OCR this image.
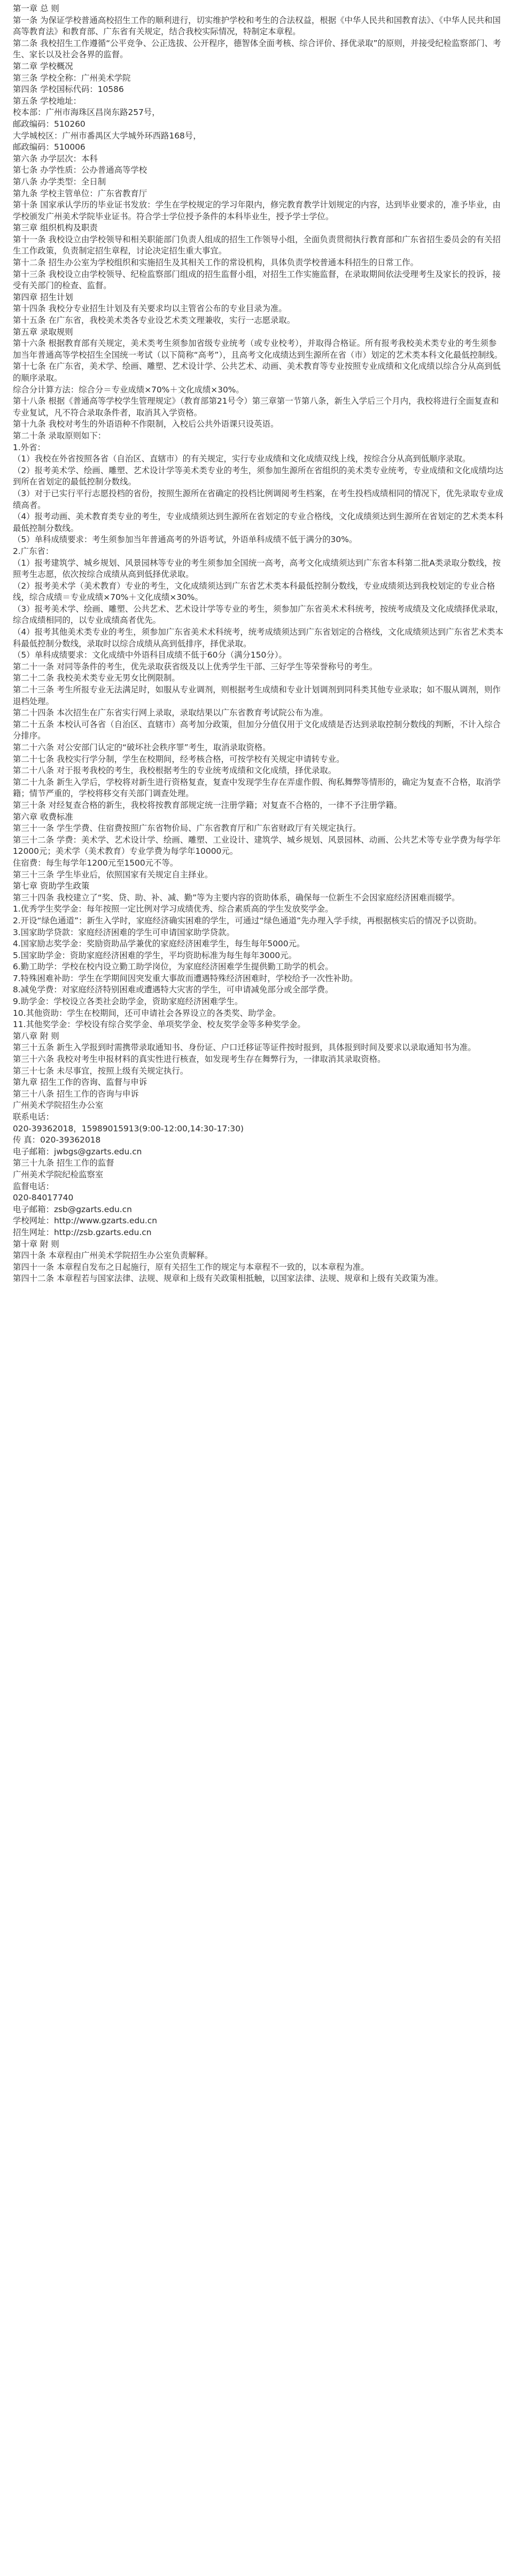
第一章 总 则

第一条 为保证学校普通高校招生工作的顺利进行，切实维护学校和考生的合法权益，根据《中华人民共和国教育法》、《中华人民共和国高等教育法》和教育部、广东省有关规定，结合我校实际情况，特制定本章程。

第二条 我校招生工作遵循“公平竞争、公正选拔、公开程序，德智体全面考核、综合评价、择优录取”的原则，并接受纪检监察部门、考生、家长以及社会各界的监督。

第二章 学校概况

第三条 学校全称：广州美术学院

第四条 学校国标代码：10586

第五条 学校地址：

校本部：广州市海珠区昌岗东路257号，

邮政编码：510260

大学城校区：广州市番禺区大学城外环西路168号，

邮政编码：510006

第六条 办学层次：本科

第七条 办学性质：公办普通高等学校

第八条 办学类型：全日制

第九条 学校主管单位：广东省教育厅

第十条 国家承认学历的毕业证书发放：学生在学校规定的学习年限内，修完教育教学计划规定的内容，达到毕业要求的，准予毕业，由学校颁发广州美术学院毕业证书。符合学士学位授予条件的本科毕业生，授予学士学位。

第三章 组织机构及职责

第十一条 我校设立由学校领导和相关职能部门负责人组成的招生工作领导小组，全面负责贯彻执行教育部和广东省招生委员会的有关招生工作政策，负责制定招生章程，讨论决定招生重大事宜。

第十二条 招生办公室为学校组织和实施招生及其相关工作的常设机构，具体负责学校普通本科招生的日常工作。

第十三条 我校设立由学校领导、纪检监察部门组成的招生监督小组，对招生工作实施监督，在录取期间依法受理考生及家长的投诉，接受有关部门的检查、监督。

第四章 招生计划

第十四条 我校分专业招生计划及有关要求均以主管省公布的专业目录为准。

第十五条 在广东省，我校美术类各专业设艺术类文理兼收，实行一志愿录取。

第五章 录取规则

第十六条 根据教育部有关规定，美术类考生须参加省级专业统考（或专业校考），并取得合格证。所有报考我校美术类专业的考生须参加当年普通高等学校招生全国统一考试（以下简称“高考”），且高考文化成绩达到生源所在省（市）划定的艺术类本科文化最低控制线。

第十七条 在广东省，美术学、绘画、雕塑、艺术设计学、公共艺术、动画、美术教育等专业按照专业成绩和文化成绩以综合分从高到低的顺序录取。

综合分计算方法：综合分＝专业成绩×70%＋文化成绩×30%。

第十八条 根据《普通高等学校学生管理规定》（教育部第21号令）第三章第一节第八条，新生入学后三个月内，我校将进行全面复查和专业复试，凡不符合录取条件者，取消其入学资格。

第十九条 我校对考生的外语语种不作限制，入校后公共外语课只设英语。

第二十条 录取原则如下：

1.外省：

（1）我校在外省按照各省（自治区、直辖市）的有关规定，实行专业成绩和文化成绩双线上线，按综合分从高到低顺序录取。

（2）报考美术学、绘画、雕塑、艺术设计学等美术类专业的考生，须参加生源所在省组织的美术类专业统考，专业成绩和文化成绩均达到所在省划定的最低控制分数线。

（3）对于已实行平行志愿投档的省份，按照生源所在省确定的投档比例调阅考生档案，在考生投档成绩相同的情况下，优先录取专业成绩高者。

（4）报考动画、美术教育类专业的考生，专业成绩须达到生源所在省划定的专业合格线，文化成绩须达到生源所在省划定的艺术类本科最低控制分数线。

（5）单科成绩要求：考生须参加当年普通高考的外语考试，外语单科成绩不低于满分的30%。

2.广东省：

（1）报考建筑学、城乡规划、风景园林等专业的考生须参加全国统一高考，高考文化成绩须达到广东省本科第二批A类录取分数线，按照考生志愿，依次按综合成绩从高到低择优录取。

（2）报考美术学（美术教育）专业的考生，文化成绩须达到广东省艺术类本科最低控制分数线，专业成绩须达到我校划定的专业合格线，综合成绩＝专业成绩×70%＋文化成绩×30%。

（3）报考美术学、绘画、雕塑、公共艺术、艺术设计学等专业的考生，须参加广东省美术术科统考，按统考成绩及文化成绩择优录取，综合成绩相同的，以专业成绩高者优先。

（4）报考其他美术类专业的考生，须参加广东省美术术科统考，统考成绩须达到广东省划定的合格线，文化成绩须达到广东省艺术类本科最低控制分数线，录取时以综合成绩从高到低排序，择优录取。

（5）单科成绩要求：文化成绩中外语科目成绩不低于60分（满分150分）。

第二十一条 对同等条件的考生，优先录取获省级及以上优秀学生干部、三好学生等荣誉称号的考生。

第二十二条 我校美术类专业无男女比例限制。

第二十三条 考生所报专业无法满足时，如服从专业调剂，则根据考生成绩和专业计划调剂到同科类其他专业录取；如不服从调剂，则作退档处理。

第二十四条 本次招生在广东省实行网上录取，录取结果以广东省教育考试院公布为准。

第二十五条 本校认可各省（自治区、直辖市）高考加分政策，但加分分值仅用于文化成绩是否达到录取控制分数线的判断，不计入综合分排序。

第二十六条 对公安部门认定的“破坏社会秩序罪”考生，取消录取资格。

第二十七条 我校实行学分制，学生在校期间，经考核合格，可按学校有关规定申请转专业。

第二十八条 对于报考我校的考生，我校根据考生的专业统考成绩和文化成绩，择优录取。

第二十九条 新生入学后，学校将对新生进行资格复查，复查中发现学生存在弄虚作假、徇私舞弊等情形的，确定为复查不合格，取消学籍；情节严重的，学校将移交有关部门调查处理。

第三十条 对经复查合格的新生，我校将按教育部规定统一注册学籍；对复查不合格的，一律不予注册学籍。

第六章 收费标准

第三十一条 学生学费、住宿费按照广东省物价局、广东省教育厅和广东省财政厅有关规定执行。

第三十二条 学费：美术学、艺术设计学、绘画、雕塑、工业设计、建筑学、城乡规划、风景园林、动画、公共艺术等专业学费为每学年12000元；美术学（美术教育）专业学费为每学年10000元。

住宿费：每生每学年1200元至1500元不等。

第三十三条 学生毕业后，依照国家有关规定自主择业。

第七章 资助学生政策

第三十四条 我校建立了“奖、贷、助、补、减、勤”等为主要内容的资助体系，确保每一位新生不会因家庭经济困难而辍学。

1.优秀学生奖学金：每年按照一定比例对学习成绩优秀、综合素质高的学生发放奖学金。

2.开设“绿色通道”：新生入学时，家庭经济确实困难的学生，可通过“绿色通道”先办理入学手续，再根据核实后的情况予以资助。

3.国家助学贷款：家庭经济困难的学生可申请国家助学贷款。

4.国家励志奖学金：奖励资助品学兼优的家庭经济困难学生，每生每年5000元。

5.国家助学金：资助家庭经济困难的学生，平均资助标准为每生每年3000元。

6.勤工助学：学校在校内设立勤工助学岗位，为家庭经济困难学生提供勤工助学的机会。

7.特殊困难补助：学生在学期间因突发重大事故而遭遇特殊经济困难时，学校给予一次性补助。

8.减免学费：对家庭经济特别困难或遭遇特大灾害的学生，可申请减免部分或全部学费。

9.助学金：学校设立各类社会助学金，资助家庭经济困难学生。

10.其他资助：学生在校期间，还可申请社会各界设立的各类奖、助学金。

11.其他奖学金：学校设有综合奖学金、单项奖学金、校友奖学金等多种奖学金。

第八章 附 则

第三十五条 新生入学报到时需携带录取通知书、身份证、户口迁移证等证件按时报到，具体报到时间及要求以录取通知书为准。

第三十六条 我校对考生申报材料的真实性进行核查，如发现考生存在舞弊行为，一律取消其录取资格。

第三十七条 未尽事宜，按照上级有关规定执行。

第九章 招生工作的咨询、监督与申诉

第三十八条 招生工作的咨询与申诉

广州美术学院招生办公室

联系电话：

020-39362018，15989015913(9:00-12:00,14:30-17:30)

传 真：020-39362018

电子邮箱：jwbgs@gzarts.edu.cn

第三十九条 招生工作的监督

广州美术学院纪检监察室

监督电话：

020-84017740

电子邮箱：zsb@gzarts.edu.cn

学校网址：http://www.gzarts.edu.cn

招生网址：http://zsb.gzarts.edu.cn

第十章 附 则

第四十条 本章程由广州美术学院招生办公室负责解释。

第四十一条 本章程自发布之日起施行，原有关招生工作的规定与本章程不一致的，以本章程为准。

第四十二条 本章程若与国家法律、法规、规章和上级有关政策相抵触，以国家法律、法规、规章和上级有关政策为准。
